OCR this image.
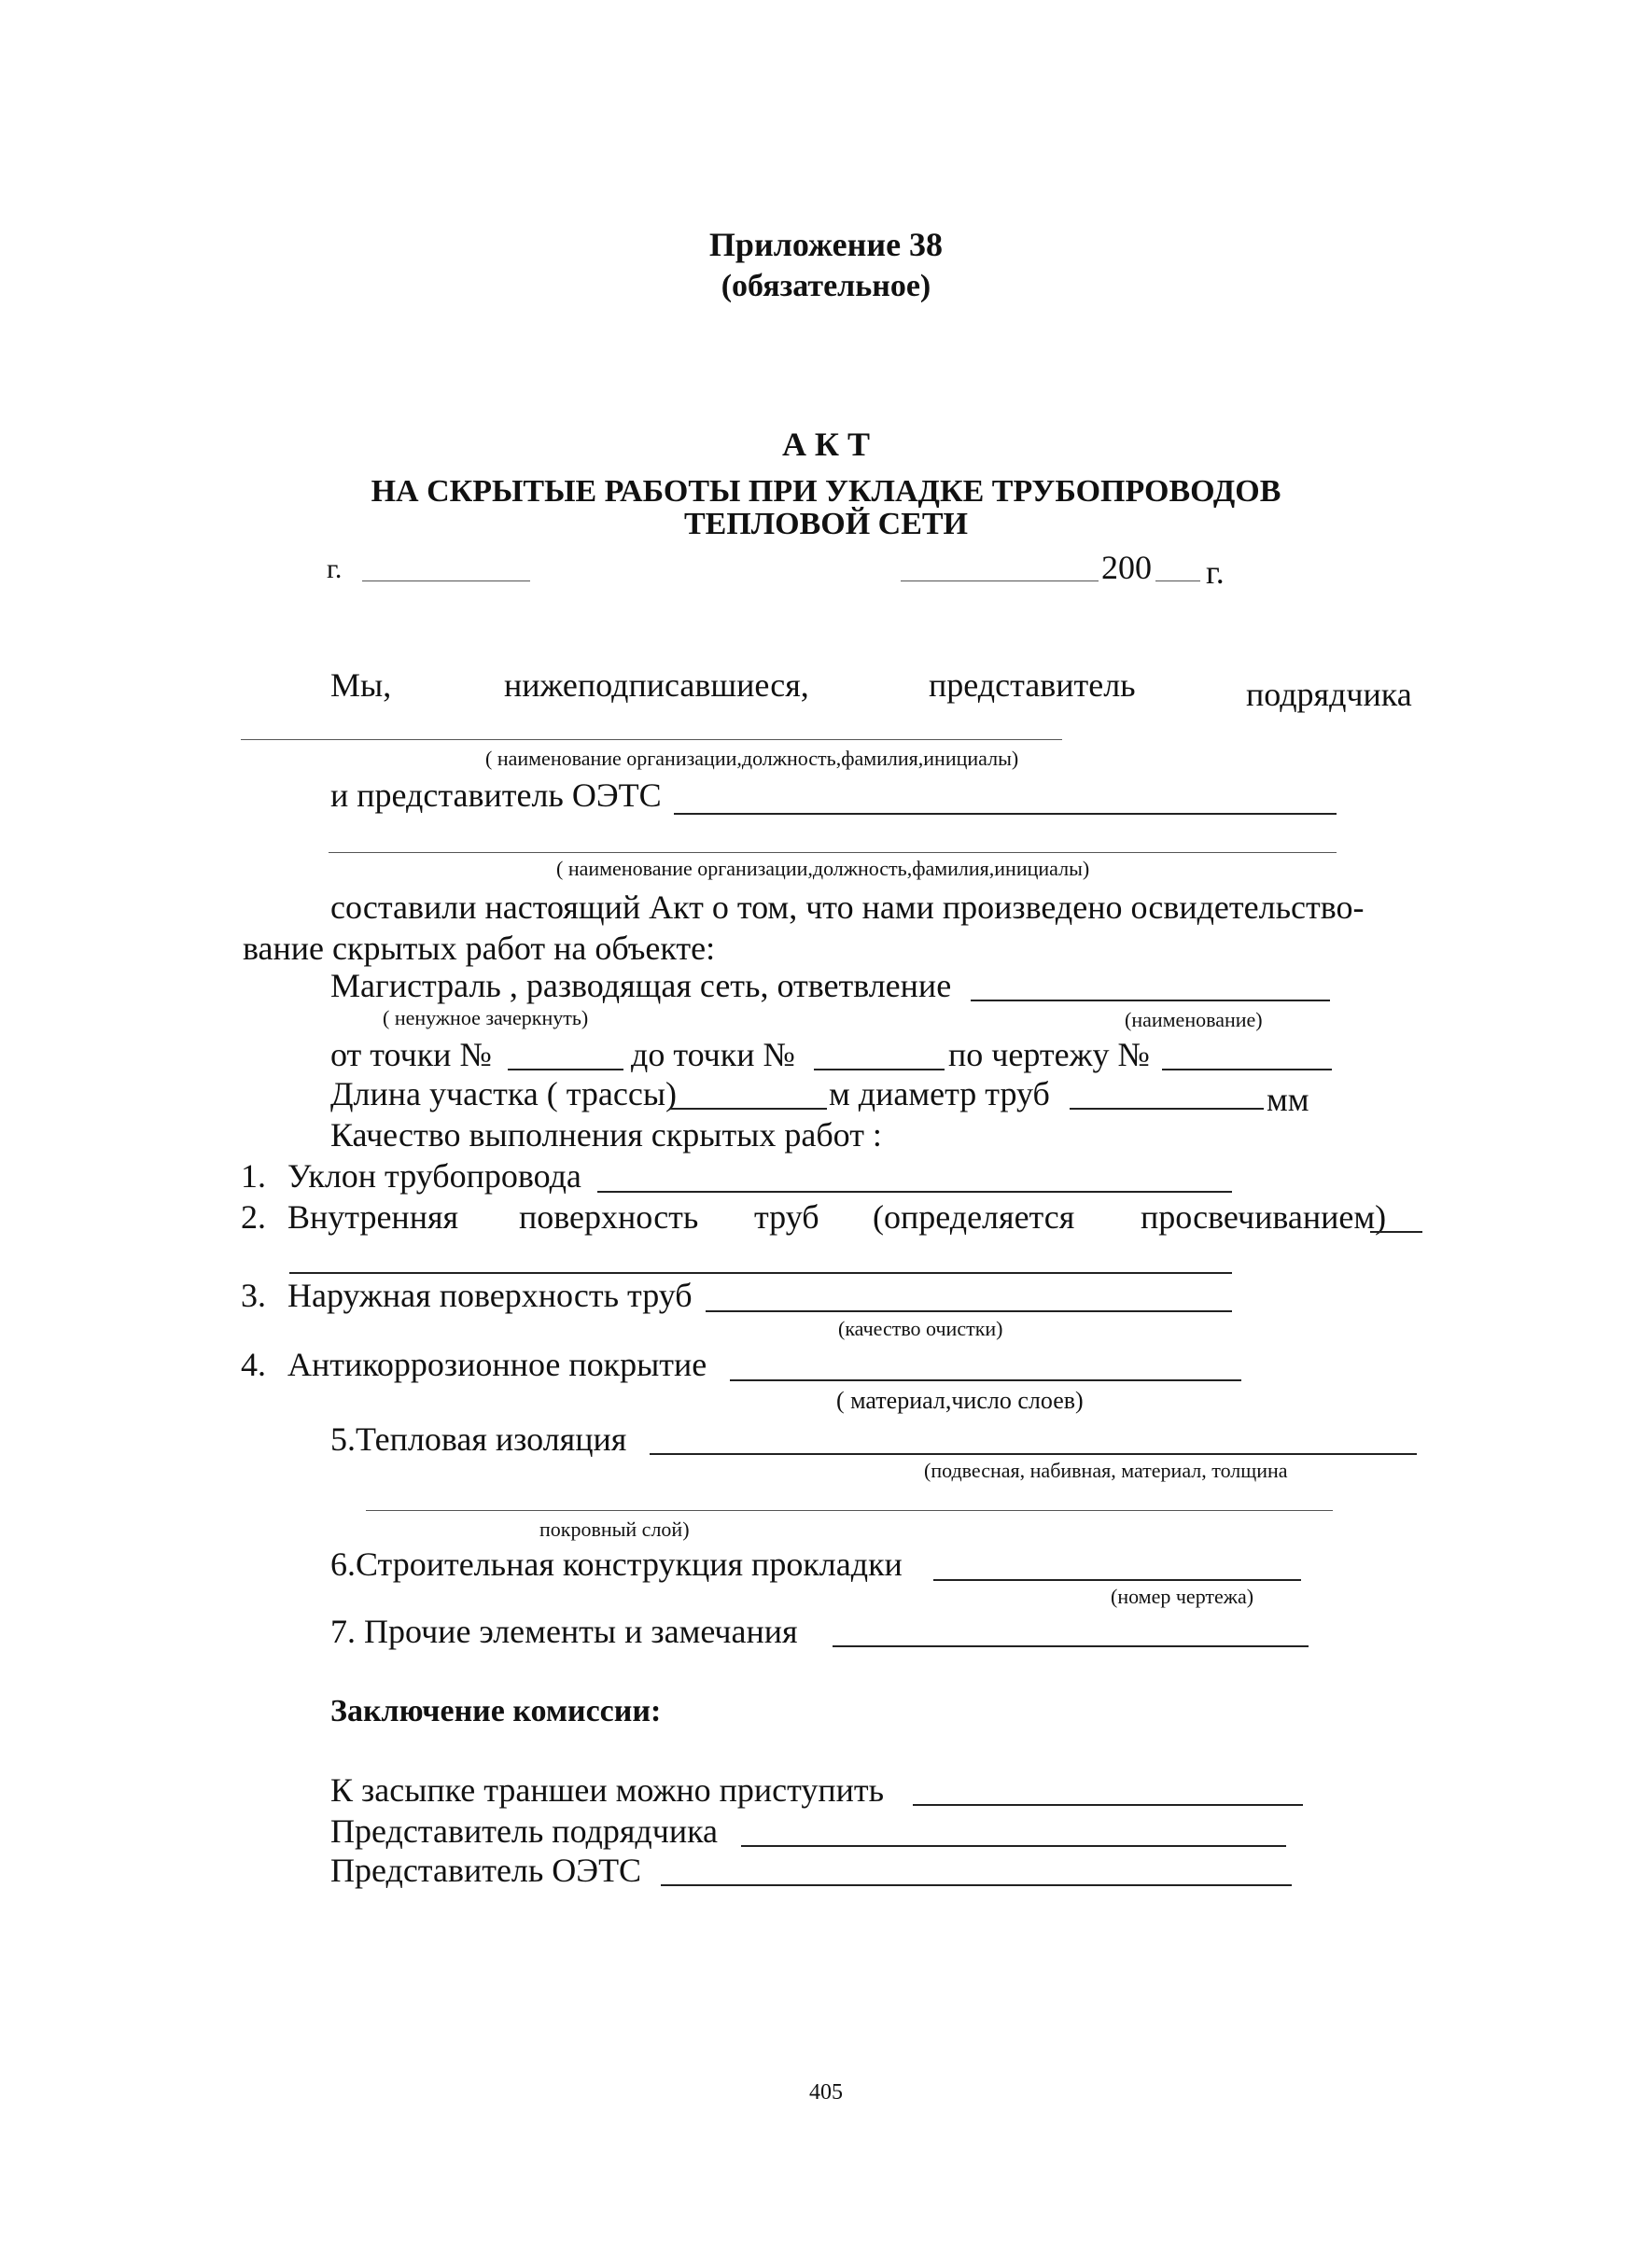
Приложение 38
(обязательное)
А К Т
НА СКРЫТЫЕ РАБОТЫ ПРИ УКЛАДКЕ ТРУБОПРОВОДОВ
ТЕПЛОВОЙ СЕТИ
г.	200 г.
Мы,	нижеподписавшиеся,	представитель	подрядчика
( наименование организации,должность,фамилия,инициалы)
и представитель ОЭТС
( наименование организации,должность,фамилия,инициалы)
составили настоящий Акт о том, что нами произведено освидетельство-
вание скрытых работ на объекте:
Магистраль , разводящая сеть, ответвление
( ненужное зачеркнуть)	(наименование)
от точки №	до точки №	по чертежу №
Длина участка ( трассы)	м диаметр труб	мм
Качество выполнения скрытых работ :
1. Уклон трубопровода
2. Внутренняя поверхность труб (определяется просвечиванием)
3. Наружная поверхность труб
(качество очистки)
4. Антикоррозионное покрытие
( материал,число слоев)
5.Тепловая изоляция
(подвесная, набивная, материал, толщина
покровный слой)
6.Строительная конструкция прокладки
(номер чертежа)
7. Прочие элементы и замечания
Заключение комиссии:
К засыпке траншеи можно приступить
Представитель подрядчика
Представитель ОЭТС
405
